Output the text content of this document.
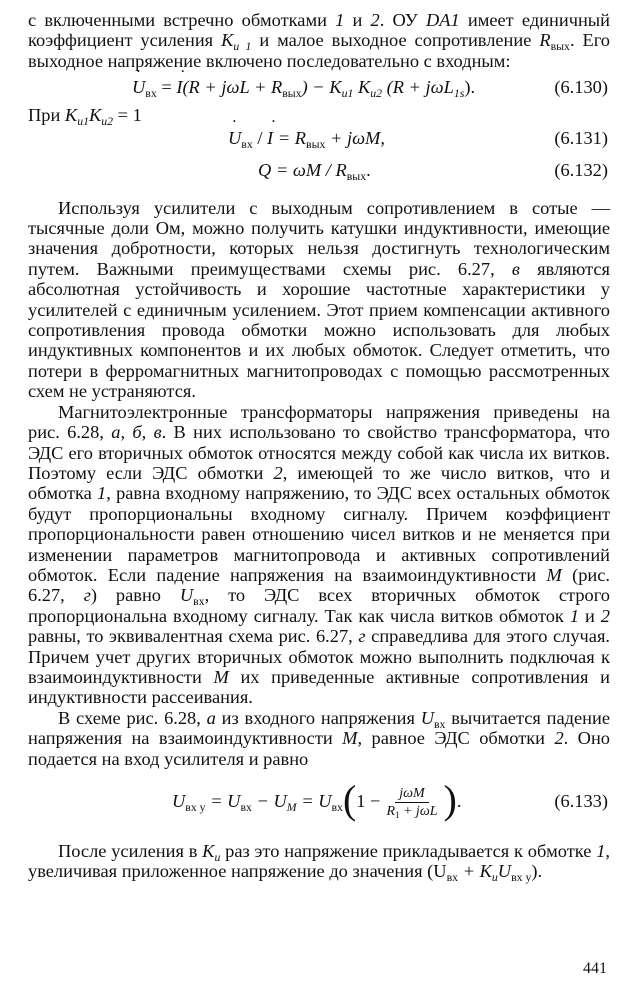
с включенными встречно обмотками 1 и 2. ОУ DA1 имеет единичный коэффициент усиления $K_{u 1}$ и малое выходное сопротивление $R_{вых}$. Его выходное напряжение включено последовательно с входным:

˙ $U_{вх}$ = ˙ $I(R + j\omega L + R_{вых}) - K_{u1}$ $K_{u2}$ (R + jωL$_{1s}$).	(6.130)

При $K_{u1}K_{u2} = 1$

˙ $U_{вх}$ / ˙ $I = R_{вых} + j\omega M$,	(6.131)
$Q = \omega M / R_{вых}$.	(6.132)

Используя усилители с выходным сопротивлением в сотые — тысячные доли Ом, можно получить катушки индуктивности, имеющие значения добротности, которых нельзя достигнуть технологическим путем. Важными преимуществами схемы рис. 6.27, в являются абсолютная устойчивость и хорошие частотные характеристики у усилителей с единичным усилением. Этот прием компенсации активного сопротивления провода обмотки можно использовать для любых индуктивных компонентов и их любых обмоток. Следует отметить, что потери в ферромагнитных магнитопроводах с помощью рассмотренных схем не устраняются.

Магнитоэлектронные трансформаторы напряжения приведены на рис. 6.28, а, б, в. В них использовано то свойство трансформатора, что ЭДС его вторичных обмоток относятся между собой как числа их витков. Поэтому если ЭДС обмотки 2, имеющей то же число витков, что и обмотка 1, равна входному напряжению, то ЭДС всех остальных обмоток будут пропорциональны входному сигналу. Причем коэффициент пропорциональности равен отношению чисел витков и не меняется при изменении параметров магнитопровода и активных сопротивлений обмоток. Если падение напряжения на взаимоиндуктивности M (рис. 6.27, г) равно $U_{вх}$, то ЭДС всех вторичных обмоток строго пропорциональна входному сигналу. Так как числа витков обмоток 1 и 2 равны, то эквивалентная схема рис. 6.27, г справедлива для этого случая. Причем учет других вторичных обмоток можно выполнить подключая к взаимоиндуктивности M их приведенные активные сопротивления и индуктивности рассеивания.

В схеме рис. 6.28, а из входного напряжения $U_{вх}$ вычитается падение напряжения на взаимоиндуктивности M, равное ЭДС обмотки 2. Оно подается на вход усилителя и равно

$U_{вх y} = U_{вх} - U_M = U_{вх}(1 - \frac{\text{jωM}}{R_1 + j\omega L}$ ).	(6.133)

После усиления в $K_u$ раз это напряжение прикладывается к обмотке 1, увеличивая приложенное напряжение до значения $(U_{вх} + K_uU_{вх y})$.

441
